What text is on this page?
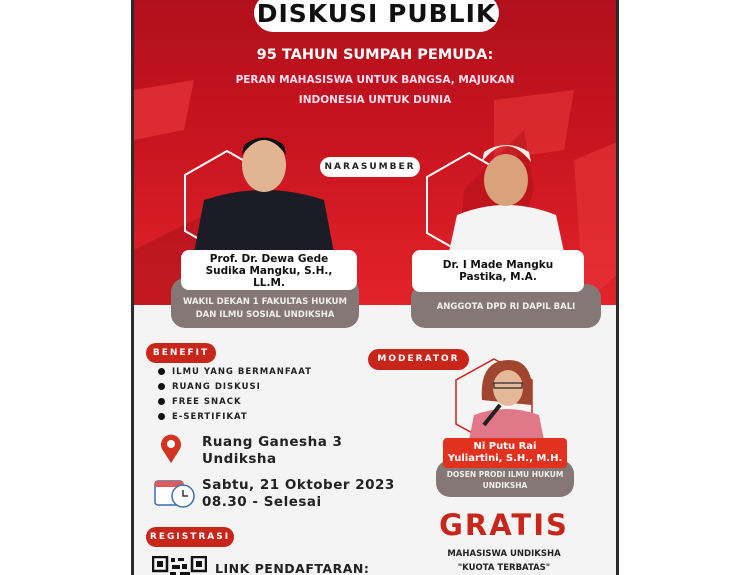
DISKUSI PUBLIK
95 TAHUN SUMPAH PEMUDA:
PERAN MAHASISWA UNTUK BANGSA, MAJUKAN
INDONESIA UNTUK DUNIA
NARASUMBER
WAKIL DEKAN 1 FAKULTAS HUKUM
DAN ILMU SOSIAL UNDIKSHA
Prof. Dr. Dewa Gede
Sudika Mangku, S.H.,
LL.M.
ANGGOTA DPD RI DAPIL BALI
Dr. I Made Mangku
Pastika, M.A.
BENEFIT
ILMU YANG BERMANFAAT
RUANG DISKUSI
FREE SNACK
E-SERTIFIKAT
Ruang Ganesha 3
Undiksha
Sabtu, 21 Oktober 2023
08.30 - Selesai
REGISTRASI
LINK PENDAFTARAN:
MODERATOR
DOSEN PRODI ILMU HUKUM
UNDIKSHA
Ni Putu Rai
Yuliartini, S.H., M.H.
GRATIS
MAHASISWA UNDIKSHA
"KUOTA TERBATAS"
